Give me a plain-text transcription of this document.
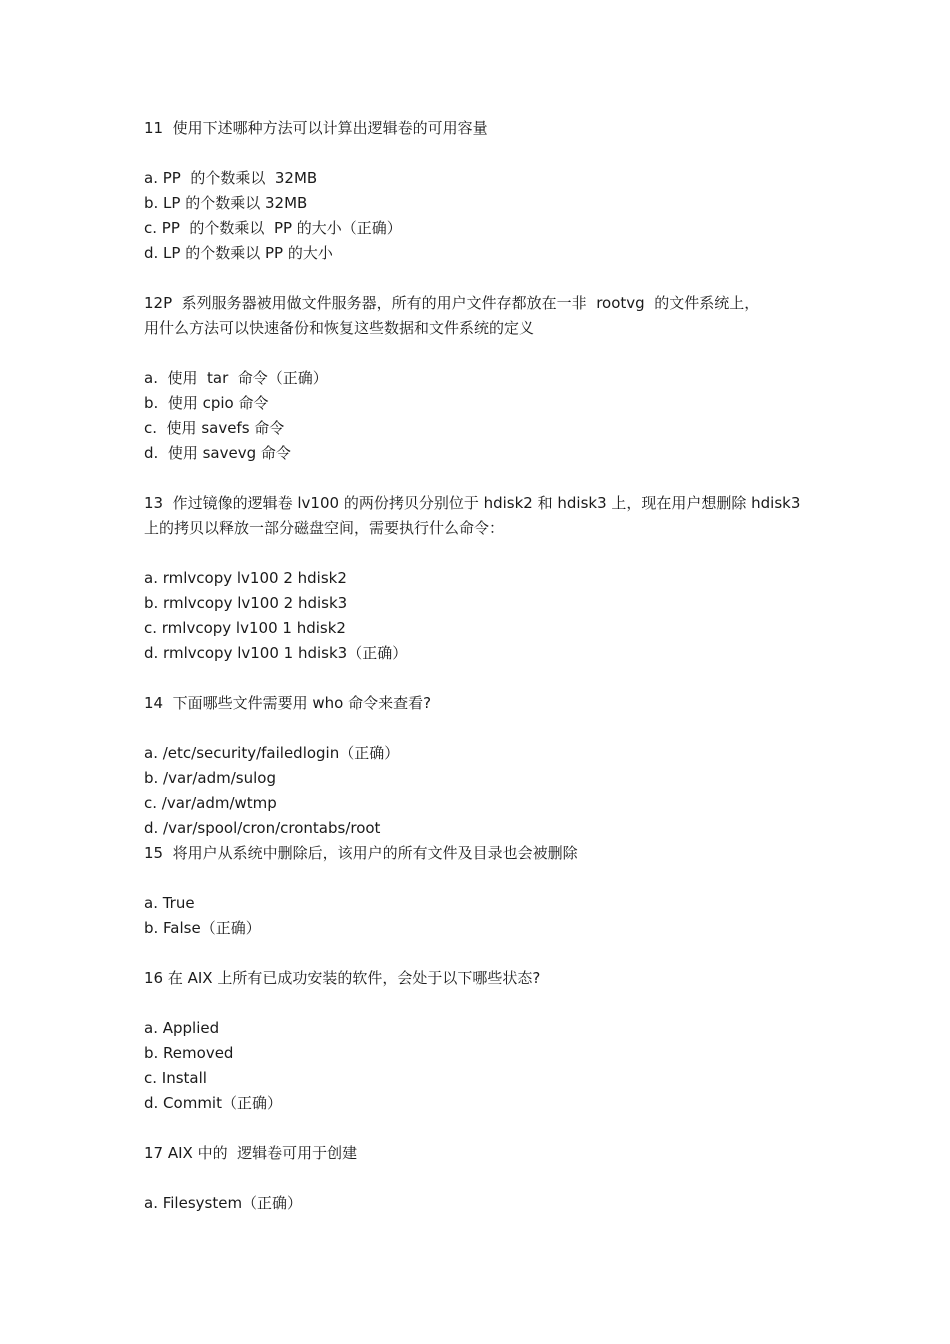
11  使用下述哪种方法可以计算出逻辑卷的可用容量
a. PP  的个数乘以  32MB
b. LP 的个数乘以 32MB
c. PP  的个数乘以  PP 的大小（正确）
d. LP 的个数乘以 PP 的大小
12P  系列服务器被用做文件服务器，所有的用户文件存都放在一非  rootvg  的文件系统上，
用什么方法可以快速备份和恢复这些数据和文件系统的定义
a.  使用  tar  命令（正确）
b.  使用 cpio 命令
c.  使用 savefs 命令
d.  使用 savevg 命令
13  作过镜像的逻辑卷 lv100 的两份拷贝分别位于 hdisk2 和 hdisk3 上，现在用户想删除 hdisk3
上的拷贝以释放一部分磁盘空间，需要执行什么命令：
a. rmlvcopy lv100 2 hdisk2
b. rmlvcopy lv100 2 hdisk3
c. rmlvcopy lv100 1 hdisk2
d. rmlvcopy lv100 1 hdisk3（正确）
14  下面哪些文件需要用 who 命令来查看?
a. /etc/security/failedlogin（正确）
b. /var/adm/sulog
c. /var/adm/wtmp
d. /var/spool/cron/crontabs/root
15  将用户从系统中删除后，该用户的所有文件及目录也会被删除
a. True
b. False（正确）
16 在 AIX 上所有已成功安装的软件，会处于以下哪些状态?
a. Applied
b. Removed
c. Install
d. Commit（正确）
17 AIX 中的  逻辑卷可用于创建
a. Filesystem（正确）
